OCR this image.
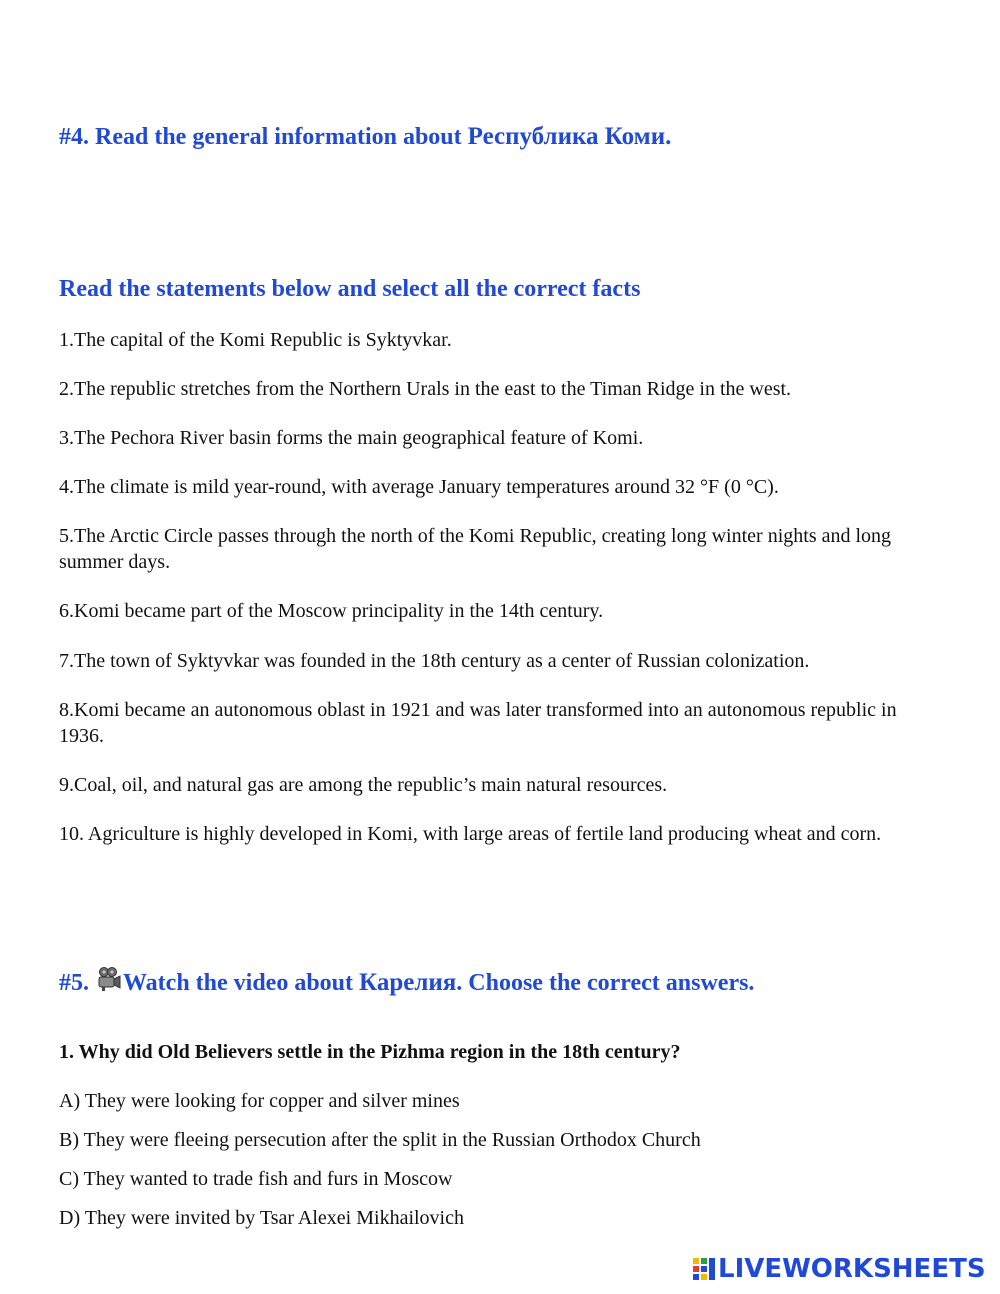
#4. Read the general information about Республика Коми.
Read the statements below and select all the correct facts

1.The capital of the Komi Republic is Syktyvkar.

2.The republic stretches from the Northern Urals in the east to the Timan Ridge in the west.

3.The Pechora River basin forms the main geographical feature of Komi.

4.The climate is mild year-round, with average January temperatures around 32 °F (0 °C).

5.The Arctic Circle passes through the north of the Komi Republic, creating long winter nights and long summer days.

6.Komi became part of the Moscow principality in the 14th century.

7.The town of Syktyvkar was founded in the 18th century as a center of Russian colonization.

8.Komi became an autonomous oblast in 1921 and was later transformed into an autonomous republic in 1936.

9.Coal, oil, and natural gas are among the republic’s main natural resources.

10. Agriculture is highly developed in Komi, with large areas of fertile land producing wheat and corn.

#5. Watch the video about Карелия. Choose the correct answers.

1. Why did Old Believers settle in the Pizhma region in the 18th century?

A) They were looking for copper and silver mines

B) They were fleeing persecution after the split in the Russian Orthodox Church

C) They wanted to trade fish and furs in Moscow

D) They were invited by Tsar Alexei Mikhailovich

LIVEWORKSHEETS
